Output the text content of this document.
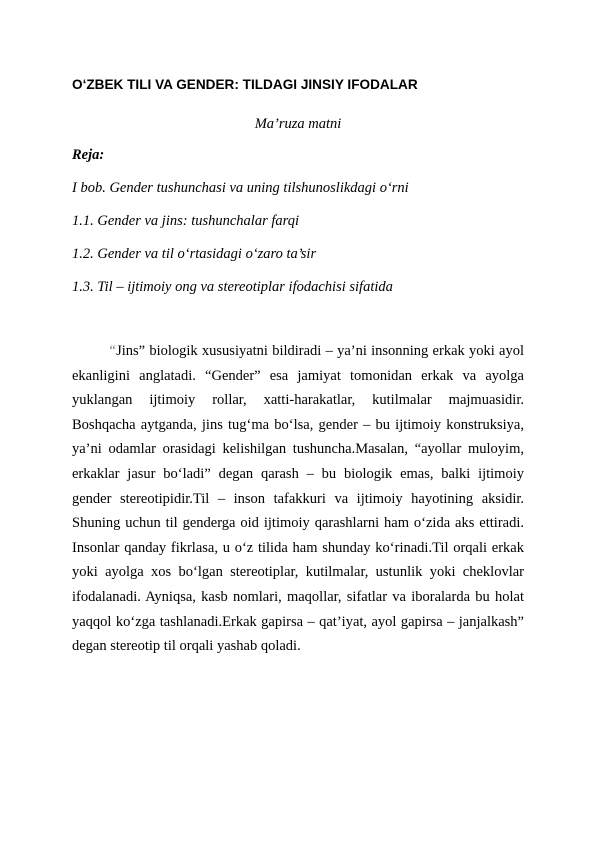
O‘ZBEK TILI VA GENDER: TILDAGI JINSIY IFODALAR

Ma’ruza matni

Reja:

I bob. Gender tushunchasi va uning tilshunoslikdagi o‘rni
1.1. Gender va jins: tushunchalar farqi
1.2. Gender va til o‘rtasidagi o‘zaro ta’sir
1.3. Til – ijtimoiy ong va stereotiplar ifodachisi sifatida

“Jins” biologik xususiyatni bildiradi – ya’ni insonning erkak yoki ayol ekanligini anglatadi. “Gender” esa jamiyat tomonidan erkak va ayolga yuklangan ijtimoiy rollar, xatti-harakatlar, kutilmalar majmuasidir. Boshqacha aytganda, jins tug‘ma bo‘lsa, gender – bu ijtimoiy konstruksiya, ya’ni odamlar orasidagi kelishilgan tushuncha.Masalan, “ayollar muloyim, erkaklar jasur bo‘ladi” degan qarash – bu biologik emas, balki ijtimoiy gender stereotipidir.Til – inson tafakkuri va ijtimoiy hayotining aksidir. Shuning uchun til genderga oid ijtimoiy qarashlarni ham o‘zida aks ettiradi. Insonlar qanday fikrlasa, u o‘z tilida ham shunday ko‘rinadi.Til orqali erkak yoki ayolga xos bo‘lgan stereotiplar, kutilmalar, ustunlik yoki cheklovlar ifodalanadi. Ayniqsa, kasb nomlari, maqollar, sifatlar va iboralarda bu holat yaqqol ko‘zga tashlanadi.Erkak gapirsa – qat’iyat, ayol gapirsa – janjalkash” degan stereotip til orqali yashab qoladi.
